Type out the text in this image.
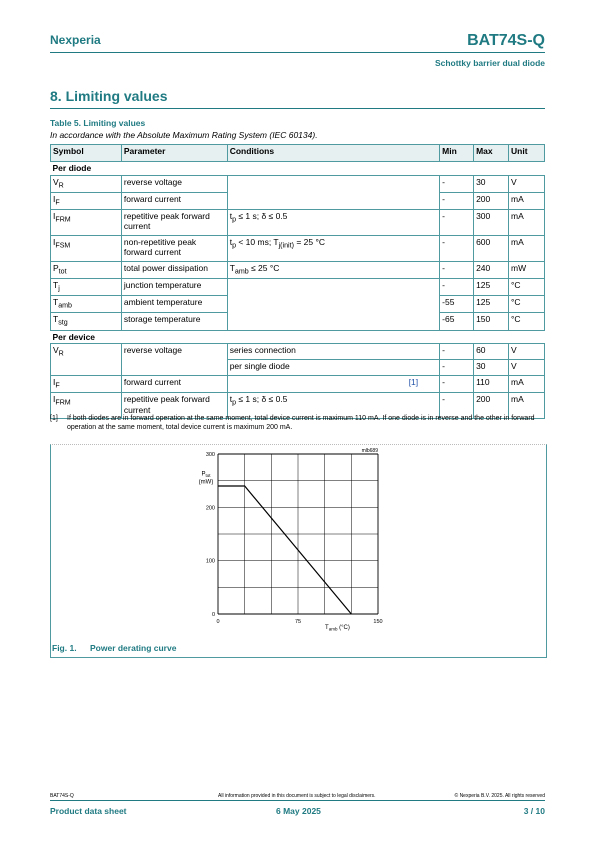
Nexperia	BAT74S-Q
Schottky barrier dual diode
8. Limiting values
Table 5. Limiting values
In accordance with the Absolute Maximum Rating System (IEC 60134).
Symbol	Parameter	Conditions	Min	Max	Unit
Per diode					
$V_R$	reverse voltage		-	30	V
$I_F$	forward current		-	200	mA
$I_{FRM}$	repetitive peak forward current	$t_p \le 1$ s; δ ≤ 0.5	-	300	mA
$I_{FSM}$	non-repetitive peak forward current	$t_p < 10$ ms; $T_{j(init)} = 25$ °C	-	600	mA
$P_{tot}$	total power dissipation	$T_{amb} \le 25$ °C	-	240	mW
$T_j$	junction temperature		-	125	°C
$T_{amb}$	ambient temperature		-55	125	°C
$T_{stg}$	storage temperature		-65	150	°C
Per device					
$V_R$	reverse voltage	series connection	-	60	V
		per single diode	-	30	V
$I_F$	forward current	[1]	-	110	mA
$I_{FRM}$	repetitive peak forward current	$t_p \le 1$ s; δ ≤ 0.5	-	200	mA
[1] If both diodes are in forward operation at the same moment, total device current is maximum 110 mA. If one diode is in reverse and the other in forward operation at the same moment, total device current is maximum 200 mA.
0
100
200
300
0	75	150
mlb689
$P_{tot}$
(mW)
$T_{amb}$ (°C)
Fig. 1. Power derating curve
BAT74S-Q	All information provided in this document is subject to legal disclaimers.	© Nexperia B.V. 2025. All rights reserved
Product data sheet	6 May 2025	3 / 10
